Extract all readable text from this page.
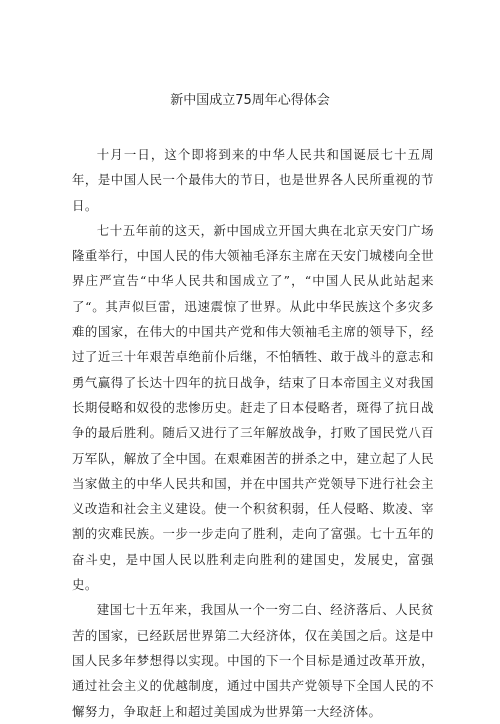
新中国成立75周年心得体会

十月一日，这个即将到来的中华人民共和国诞辰七十五周年，是中国人民一个最伟大的节日，也是世界各人民所重视的节日。

七十五年前的这天，新中国成立开国大典在北京天安门广场隆重举行，中国人民的伟大领袖毛泽东主席在天安门城楼向全世界庄严宣告“中华人民共和国成立了”，“中国人民从此站起来了“。其声似巨雷，迅速震惊了世界。从此中华民族这个多灾多难的国家，在伟大的中国共产党和伟大领袖毛主席的领导下，经过了近三十年艰苦卓绝前仆后继，不怕牺牲、敢于战斗的意志和勇气赢得了长达十四年的抗日战争，结束了日本帝国主义对我国长期侵略和奴役的悲惨历史。赶走了日本侵略者，斑得了抗日战争的最后胜利。随后又进行了三年解放战争，打败了国民党八百万军队，解放了全中国。在艰难困苦的拼杀之中，建立起了人民当家做主的中华人民共和国，并在中国共产党领导下进行社会主义改造和社会主义建设。使一个积贫积弱，任人侵略、欺凌、宰割的灾难民族。一步一步走向了胜利，走向了富强。七十五年的奋斗史，是中国人民以胜利走向胜利的建国史，发展史，富强史。

建国七十五年来，我国从一个一穷二白、经济落后、人民贫苦的国家，已经跃居世界第二大经济体，仅在美国之后。这是中国人民多年梦想得以实现。中国的下一个目标是通过改革开放，通过社会主义的优越制度，通过中国共产党领导下全国人民的不懈努力，争取赶上和超过美国成为世界第一大经济体。
